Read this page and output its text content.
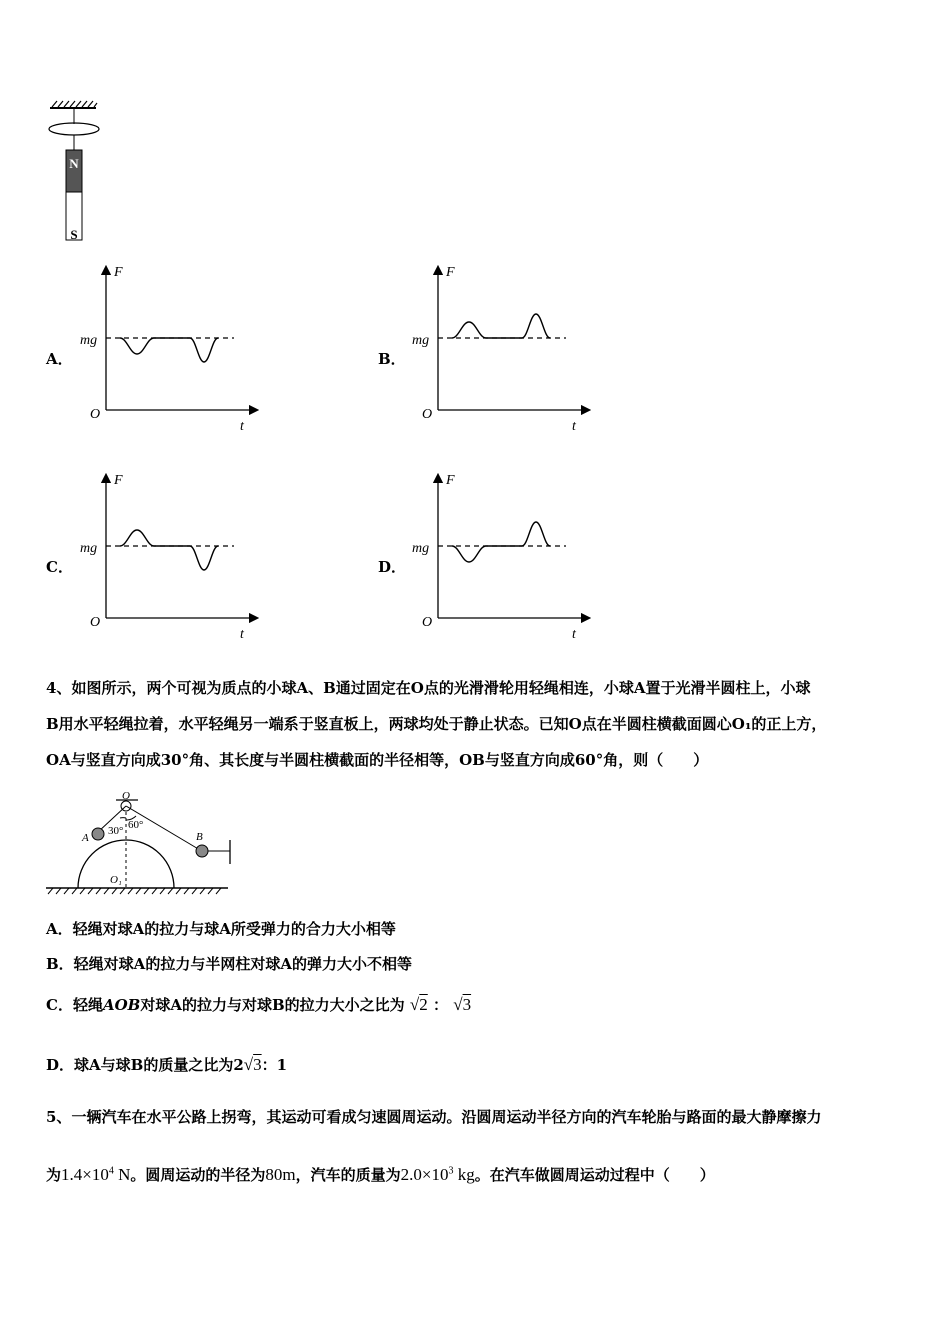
N
S
A．
F
t
O
mg
B．
F
t
O
mg
C．
F
t
O
mg
D．
F
t
O
mg
4、如图所示，两个可视为质点的小球A、B通过固定在O点的光滑滑轮用轻绳相连，小球A置于光滑半圆柱上，小球
B用水平轻绳拉着，水平轻绳另一端系于竖直板上，两球均处于静止状态。已知O点在半圆柱横截面圆心O₁的正上方，
OA与竖直方向成30°角、其长度与半圆柱横截面的半径相等，OB与竖直方向成60°角，则（　　）
O
A	B
O₁
30° 60°
A．轻绳对球A的拉力与球A所受弹力的合力大小相等
B．轻绳对球A的拉力与半网柱对球A的弹力大小不相等
C．轻绳AOB对球A的拉力与对球B的拉力大小之比为 √2 ： √3
D．球A与球B的质量之比为2√3：1
5、一辆汽车在水平公路上拐弯，其运动可看成匀速圆周运动。沿圆周运动半径方向的汽车轮胎与路面的最大静摩擦力
为$1.4\times 10^4$ N。圆周运动的半径为80m，汽车的质量为$2.0\times 10^3$ kg。在汽车做圆周运动过程中（　　）
